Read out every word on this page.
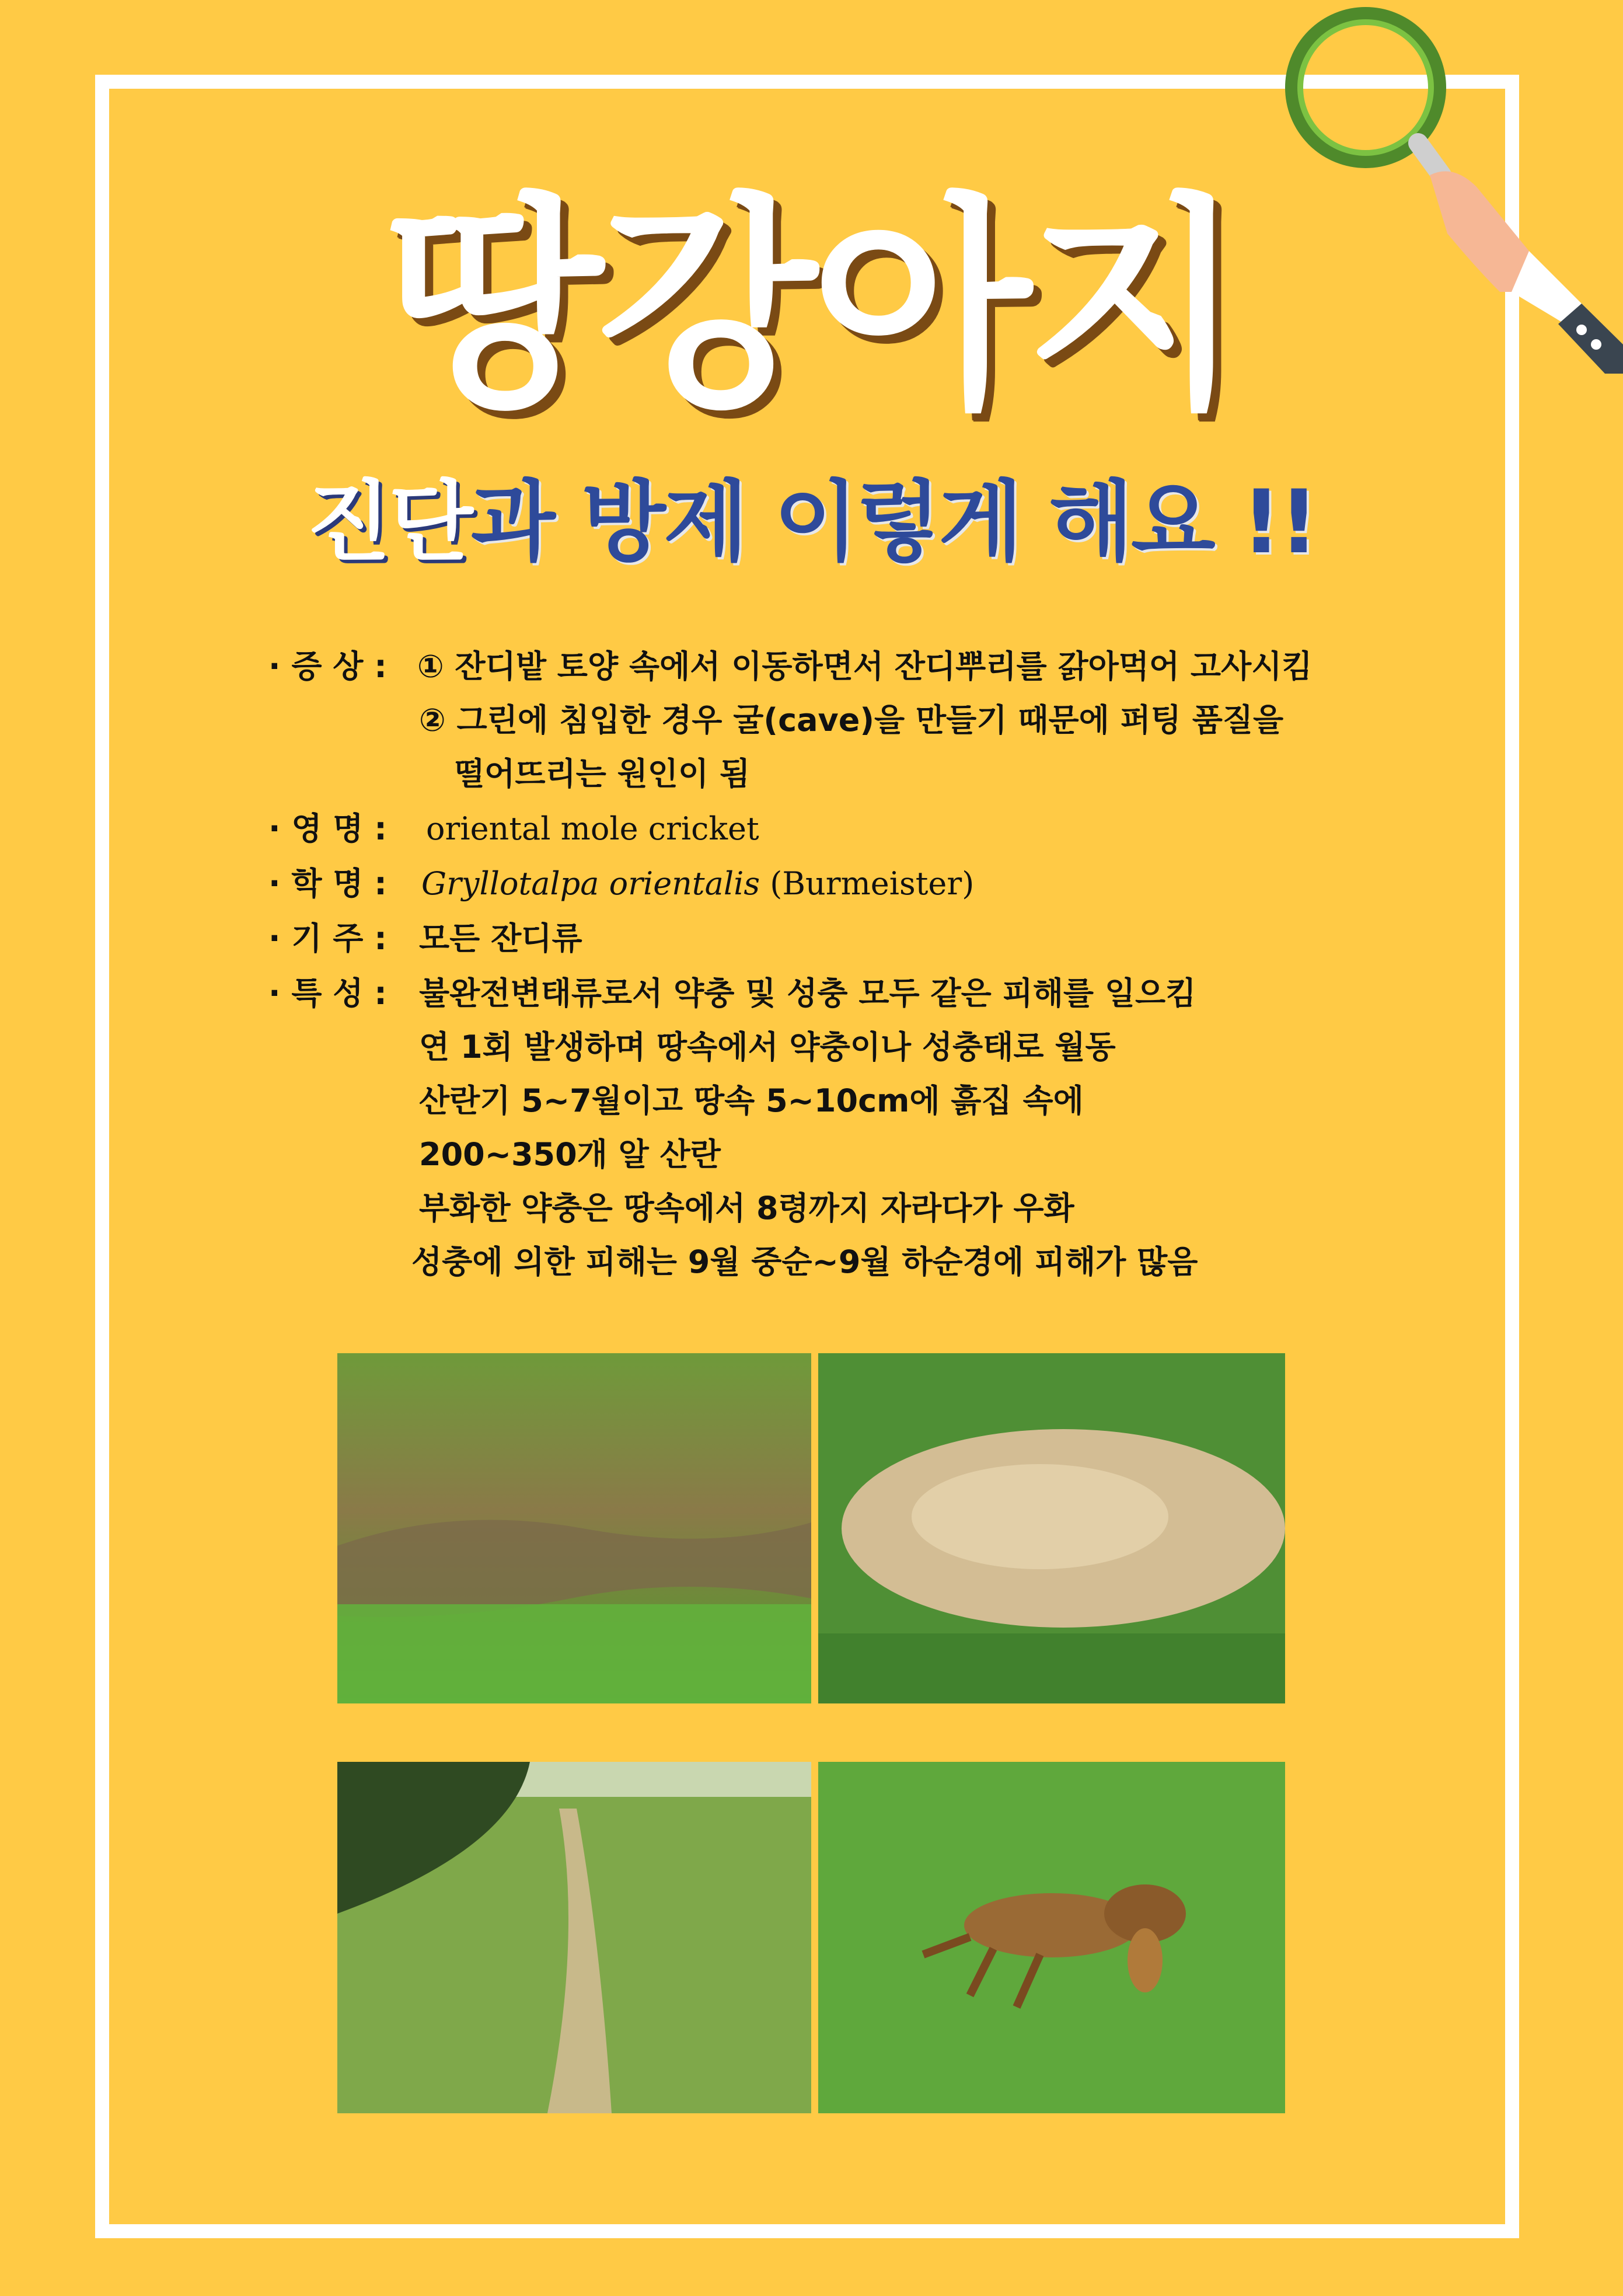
땅강아지
진단과 방제 이렇게 해요 !!
· 증 상 : ① 잔디밭 토양 속에서 이동하면서 잔디뿌리를 갉아먹어 고사시킴
② 그린에 침입한 경우 굴(cave)을 만들기 때문에 퍼팅 품질을
떨어뜨리는 원인이 됨
· 영 명 : oriental mole cricket
· 학 명 : Gryllotalpa orientalis (Burmeister)
· 기 주 : 모든 잔디류
· 특 성 : 불완전변태류로서 약충 및 성충 모두 같은 피해를 일으킴
연 1회 발생하며 땅속에서 약충이나 성충태로 월동
산란기 5~7월이고 땅속 5~10cm에 흙집 속에
200~350개 알 산란
부화한 약충은 땅속에서 8령까지 자라다가 우화
성충에 의한 피해는 9월 중순~9월 하순경에 피해가 많음
